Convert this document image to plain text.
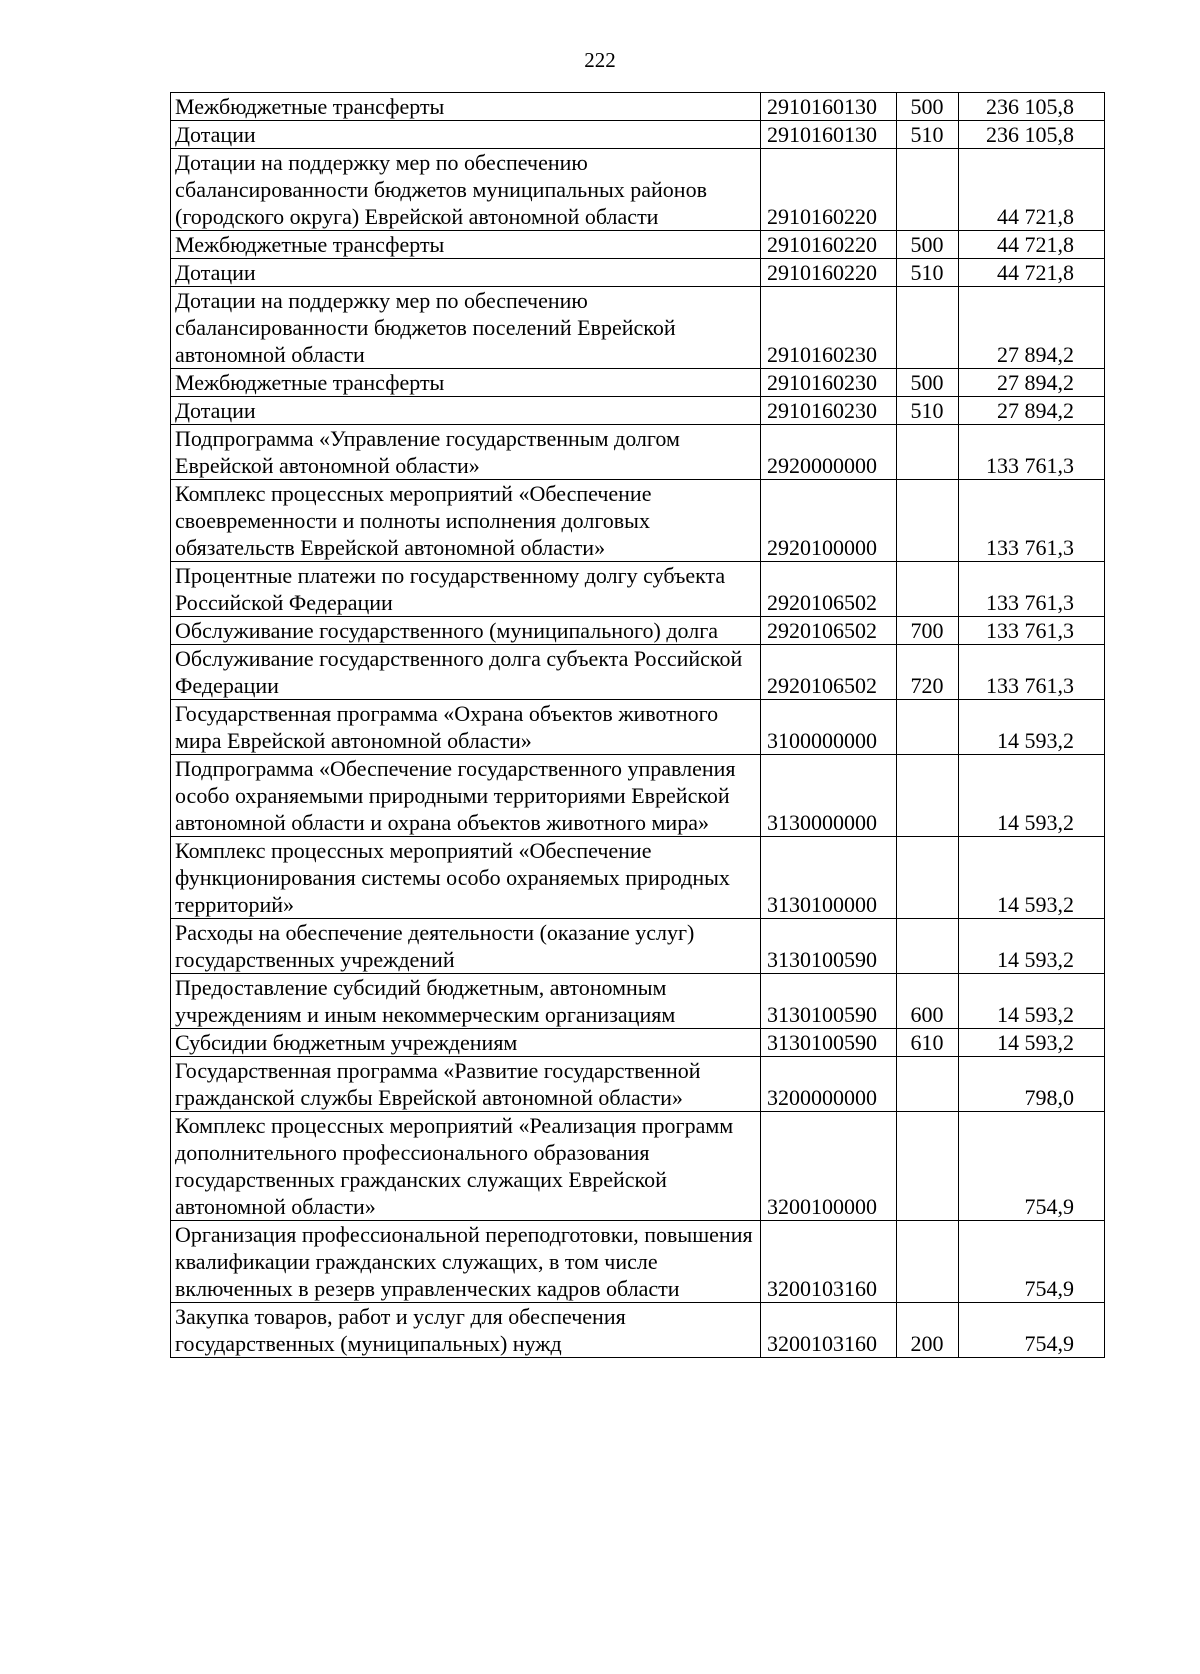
222
Межбюджетные трансферты	2910160130	500	236 105,8
Дотации	2910160130	510	236 105,8
Дотации на поддержку мер по обеспечению сбалансированности бюджетов муниципальных районов (городского округа) Еврейской автономной области	2910160220		44 721,8
Межбюджетные трансферты	2910160220	500	44 721,8
Дотации	2910160220	510	44 721,8
Дотации на поддержку мер по обеспечению сбалансированности бюджетов поселений Еврейской автономной области	2910160230		27 894,2
Межбюджетные трансферты	2910160230	500	27 894,2
Дотации	2910160230	510	27 894,2
Подпрограмма «Управление государственным долгом Еврейской автономной области»	2920000000		133 761,3
Комплекс процессных мероприятий «Обеспечение своевременности и полноты исполнения долговых обязательств Еврейской автономной области»	2920100000		133 761,3
Процентные платежи по государственному долгу субъекта Российской Федерации	2920106502		133 761,3
Обслуживание государственного (муниципального) долга	2920106502	700	133 761,3
Обслуживание государственного долга субъекта Российской Федерации	2920106502	720	133 761,3
Государственная программа «Охрана объектов животного мира Еврейской автономной области»	3100000000		14 593,2
Подпрограмма «Обеспечение государственного управления особо охраняемыми природными территориями Еврейской автономной области и охрана объектов животного мира»	3130000000		14 593,2
Комплекс процессных мероприятий «Обеспечение функционирования системы особо охраняемых природных территорий»	3130100000		14 593,2
Расходы на обеспечение деятельности (оказание услуг) государственных учреждений	3130100590		14 593,2
Предоставление субсидий бюджетным, автономным учреждениям и иным некоммерческим организациям	3130100590	600	14 593,2
Субсидии бюджетным учреждениям	3130100590	610	14 593,2
Государственная программа «Развитие государственной гражданской службы Еврейской автономной области»	3200000000		798,0
Комплекс процессных мероприятий «Реализация программ дополнительного профессионального образования государственных гражданских служащих Еврейской автономной области»	3200100000		754,9
Организация профессиональной переподготовки, повышения квалификации гражданских служащих, в том числе включенных в резерв управленческих кадров области	3200103160		754,9
Закупка товаров, работ и услуг для обеспечения государственных (муниципальных) нужд	3200103160	200	754,9
